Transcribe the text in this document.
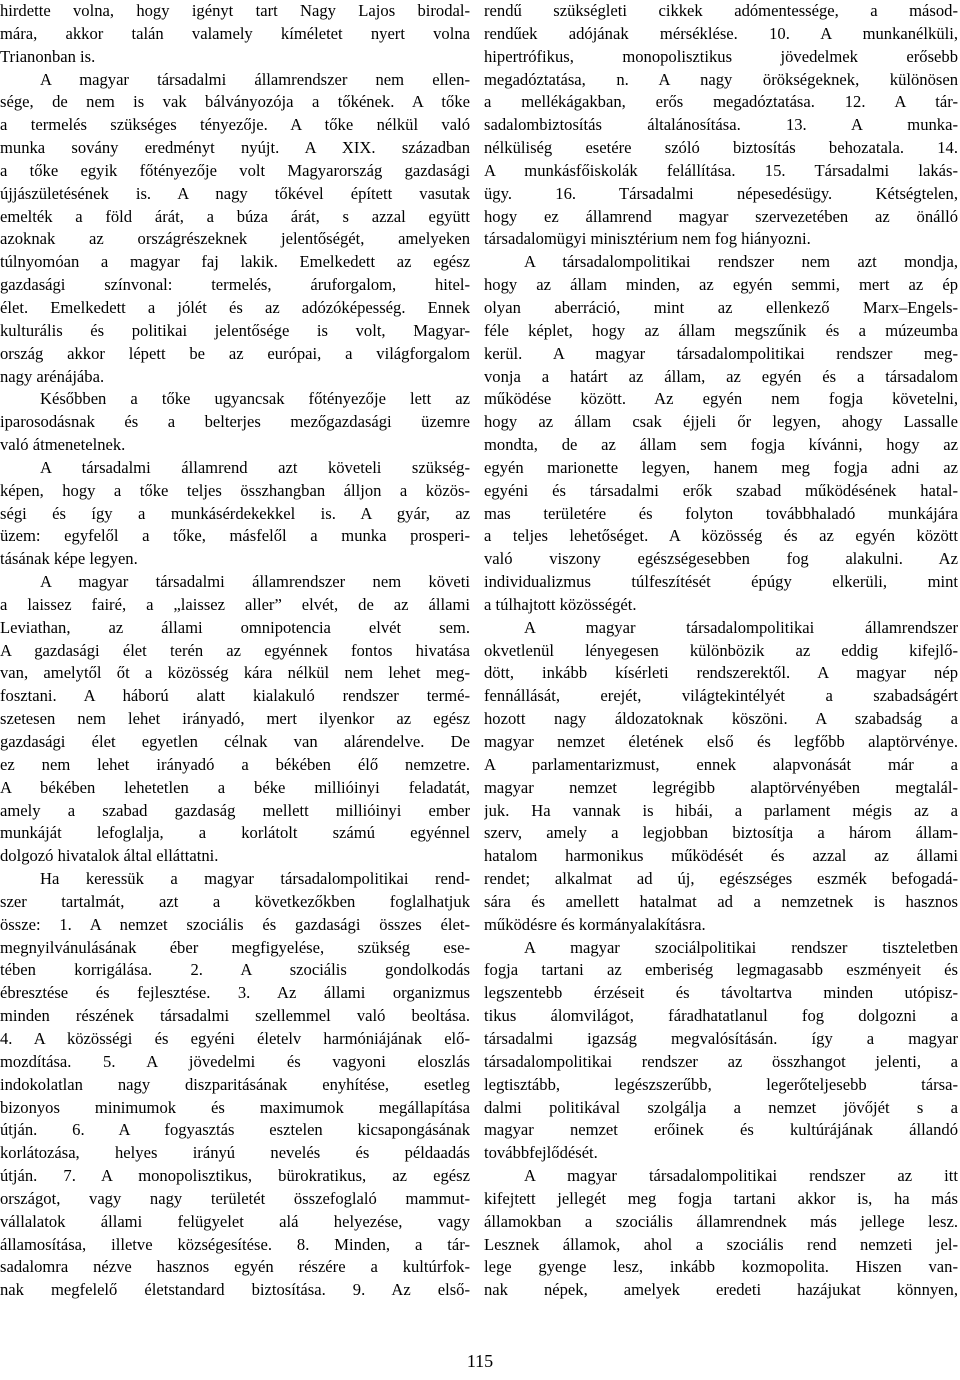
hirdette volna, hogy igényt tart Nagy Lajos birodal-
mára, akkor talán valamely kíméletet nyert volna
Trianonban is.
A magyar társadalmi államrendszer nem ellen-
sége, de nem is vak bálványozója a tőkének. A tőke
a termelés szükséges tényezője. A tőke nélkül való
munka sovány eredményt nyújt. A XIX. században
a tőke egyik főtényezője volt Magyarország gazdasági
újjászületésének is. A nagy tőkével épített vasutak
emelték a föld árát, a búza árát, s azzal együtt
azoknak az országrészeknek jelentőségét, amelyeken
túlnyomóan a magyar faj lakik. Emelkedett az egész
gazdasági színvonal: termelés, áruforgalom, hitel-
élet. Emelkedett a jólét és az adózóképesség. Ennek
kulturális és politikai jelentősége is volt, Magyar-
ország akkor lépett be az európai, a világforgalom
nagy arénájába.
Későbben a tőke ugyancsak főtényezője lett az
iparosodásnak és a belterjes mezőgazdasági üzemre
való átmenetelnek.
A társadalmi államrend azt követeli szükség-
képen, hogy a tőke teljes összhangban álljon a közös-
ségi és így a munkásérdekekkel is. A gyár, az
üzem: egyfelől a tőke, másfelől a munka prosperi-
tásának képe legyen.
A magyar társadalmi államrendszer nem követi
a laissez fairé, a „laissez aller” elvét, de az állami
Leviathan, az állami omnipotencia elvét sem.
A gazdasági élet terén az egyénnek fontos hivatása
van, amelytől őt a közösség kára nélkül nem lehet meg-
fosztani. A háború alatt kialakuló rendszer termé-
szetesen nem lehet irányadó, mert ilyenkor az egész
gazdasági élet egyetlen célnak van alárendelve. De
ez nem lehet irányadó a békében élő nemzetre.
A békében lehetetlen a béke millióinyi feladatát,
amely a szabad gazdaság mellett millióinyi ember
munkáját lefoglalja, a korlátolt számú egyénnel
dolgozó hivatalok által elláttatni.
Ha keressük a magyar társadalompolitikai rend-
szer tartalmát, azt a következőkben foglalhatjuk
össze: 1. A nemzet szociális és gazdasági összes élet-
megnyilvánulásának éber megfigyelése, szükség ese-
tében korrigálása. 2. A szociális gondolkodás
ébresztése és fejlesztése. 3. Az állami organizmus
minden részének társadalmi szellemmel való beoltása.
4. A közösségi és egyéni életelv harmóniájának elő-
mozdítása. 5. A jövedelmi és vagyoni eloszlás
indokolatlan nagy diszparitásának enyhítése, esetleg
bizonyos minimumok és maximumok megállapítása
útján. 6. A fogyasztás esztelen kicsapongásának
korlátozása, helyes irányú nevelés és példaadás
útján. 7. A monopolisztikus, bürokratikus, az egész
országot, vagy nagy területét összefoglaló mammut-
vállalatok állami felügyelet alá helyezése, vagy
államosítása, illetve községesítése. 8. Minden, a tár-
sadalomra nézve hasznos egyén részére a kultúrfok-
nak megfelelő életstandard biztosítása. 9. Az első-
rendű szükségleti cikkek adómentessége, a másod-
rendűek adójának mérséklése. 10. A munkanélküli,
hipertrófikus, monopolisztikus jövedelmek erősebb
megadóztatása, n. A nagy örökségeknek, különösen
a mellékágakban, erős megadóztatása. 12. A tár-
sadalombiztosítás általánosítása. 13. A munka-
nélküliség esetére szóló biztosítás behozatala. 14.
A munkásfőiskolák felállítása. 15. Társadalmi lakás-
ügy. 16. Társadalmi népesedésügy. Kétségtelen,
hogy ez államrend magyar szervezetében az önálló
társadalomügyi minisztérium nem fog hiányozni.
A társadalompolitikai rendszer nem azt mondja,
hogy az állam minden, az egyén semmi, mert az ép
olyan aberráció, mint az ellenkező Marx–Engels-
féle képlet, hogy az állam megszűnik és a múzeumba
kerül. A magyar társadalompolitikai rendszer meg-
vonja a határt az állam, az egyén és a társadalom
működése között. Az egyén nem fogja követelni,
hogy az állam csak éjjeli őr legyen, ahogy Lassalle
mondta, de az állam sem fogja kívánni, hogy az
egyén marionette legyen, hanem meg fogja adni az
egyéni és társadalmi erők szabad működésének hatal-
mas területére és folyton továbbhaladó munkájára
a teljes lehetőséget. A közösség és az egyén között
való viszony egészségesebben fog alakulni. Az
individualizmus túlfeszítését épúgy elkerüli, mint
a túlhajtott közösségét.
A magyar társadalompolitikai államrendszer
okvetlenül lényegesen különbözik az eddig kifejlő-
dött, inkább kísérleti rendszerektől. A magyar nép
fennállását, erejét, világtekintélyét a szabadságért
hozott nagy áldozatoknak köszöni. A szabadság a
magyar nemzet életének első és legfőbb alaptörvénye.
A parlamentarizmust, ennek alapvonását már a
magyar nemzet legrégibb alaptörvényében megtalál-
juk. Ha vannak is hibái, a parlament mégis az a
szerv, amely a legjobban biztosítja a három állam-
hatalom harmonikus működését és azzal az állami
rendet; alkalmat ad új, egészséges eszmék befogadá-
sára és amellett hatalmat ad a nemzetnek is hasznos
működésre és kormányalakításra.
A magyar szociálpolitikai rendszer tiszteletben
fogja tartani az emberiség legmagasabb eszményeit és
legszentebb érzéseit és távoltartva minden utópisz-
tikus álomvilágot, fáradhatatlanul fog dolgozni a
társadalmi igazság megvalósításán. így a magyar
társadalompolitikai rendszer az összhangot jelenti, a
legtisztább, legészszerűbb, legerőteljesebb társa-
dalmi politikával szolgálja a nemzet jövőjét s a
magyar nemzet erőinek és kultúrájának állandó
továbbfejlődését.
A magyar társadalompolitikai rendszer az itt
kifejtett jellegét meg fogja tartani akkor is, ha más
államokban a szociális államrendnek más jellege lesz.
Lesznek államok, ahol a szociális rend nemzeti jel-
lege gyenge lesz, inkább kozmopolita. Hiszen van-
nak népek, amelyek eredeti hazájukat könnyen,
115
